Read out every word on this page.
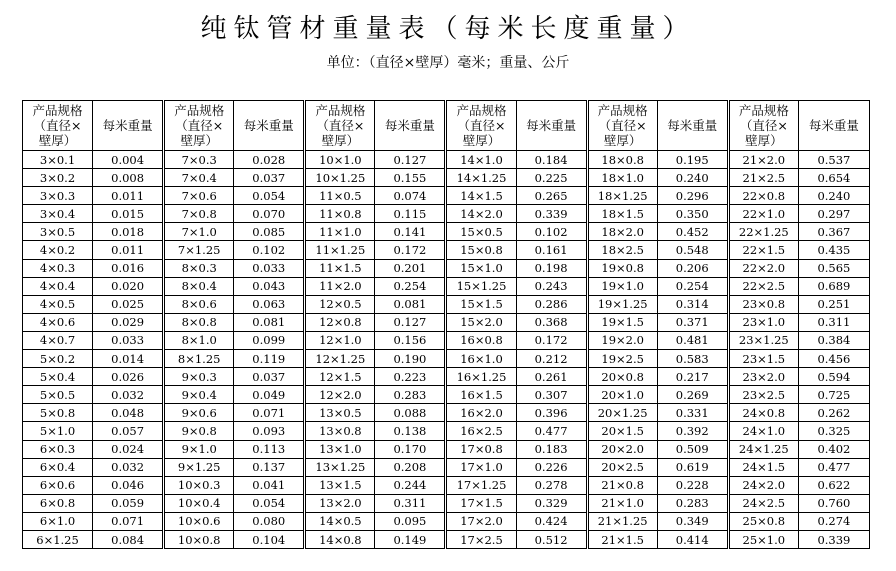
纯钛管材重量表（每米长度重量）
单位：（直径×壁厚）毫米；重量、公斤
产品规格
（直径×
壁厚）	每米重量	产品规格
（直径×
壁厚）	每米重量	产品规格
（直径×
壁厚）	每米重量	产品规格
（直径×
壁厚）	每米重量	产品规格
（直径×
壁厚）	每米重量	产品规格
（直径×
壁厚）	每米重量
3×0.1	0.004	7×0.3	0.028	10×1.0	0.127	14×1.0	0.184	18×0.8	0.195	21×2.0	0.537
3×0.2	0.008	7×0.4	0.037	10×1.25	0.155	14×1.25	0.225	18×1.0	0.240	21×2.5	0.654
3×0.3	0.011	7×0.6	0.054	11×0.5	0.074	14×1.5	0.265	18×1.25	0.296	22×0.8	0.240
3×0.4	0.015	7×0.8	0.070	11×0.8	0.115	14×2.0	0.339	18×1.5	0.350	22×1.0	0.297
3×0.5	0.018	7×1.0	0.085	11×1.0	0.141	15×0.5	0.102	18×2.0	0.452	22×1.25	0.367
4×0.2	0.011	7×1.25	0.102	11×1.25	0.172	15×0.8	0.161	18×2.5	0.548	22×1.5	0.435
4×0.3	0.016	8×0.3	0.033	11×1.5	0.201	15×1.0	0.198	19×0.8	0.206	22×2.0	0.565
4×0.4	0.020	8×0.4	0.043	11×2.0	0.254	15×1.25	0.243	19×1.0	0.254	22×2.5	0.689
4×0.5	0.025	8×0.6	0.063	12×0.5	0.081	15×1.5	0.286	19×1.25	0.314	23×0.8	0.251
4×0.6	0.029	8×0.8	0.081	12×0.8	0.127	15×2.0	0.368	19×1.5	0.371	23×1.0	0.311
4×0.7	0.033	8×1.0	0.099	12×1.0	0.156	16×0.8	0.172	19×2.0	0.481	23×1.25	0.384
5×0.2	0.014	8×1.25	0.119	12×1.25	0.190	16×1.0	0.212	19×2.5	0.583	23×1.5	0.456
5×0.4	0.026	9×0.3	0.037	12×1.5	0.223	16×1.25	0.261	20×0.8	0.217	23×2.0	0.594
5×0.5	0.032	9×0.4	0.049	12×2.0	0.283	16×1.5	0.307	20×1.0	0.269	23×2.5	0.725
5×0.8	0.048	9×0.6	0.071	13×0.5	0.088	16×2.0	0.396	20×1.25	0.331	24×0.8	0.262
5×1.0	0.057	9×0.8	0.093	13×0.8	0.138	16×2.5	0.477	20×1.5	0.392	24×1.0	0.325
6×0.3	0.024	9×1.0	0.113	13×1.0	0.170	17×0.8	0.183	20×2.0	0.509	24×1.25	0.402
6×0.4	0.032	9×1.25	0.137	13×1.25	0.208	17×1.0	0.226	20×2.5	0.619	24×1.5	0.477
6×0.6	0.046	10×0.3	0.041	13×1.5	0.244	17×1.25	0.278	21×0.8	0.228	24×2.0	0.622
6×0.8	0.059	10×0.4	0.054	13×2.0	0.311	17×1.5	0.329	21×1.0	0.283	24×2.5	0.760
6×1.0	0.071	10×0.6	0.080	14×0.5	0.095	17×2.0	0.424	21×1.25	0.349	25×0.8	0.274
6×1.25	0.084	10×0.8	0.104	14×0.8	0.149	17×2.5	0.512	21×1.5	0.414	25×1.0	0.339
